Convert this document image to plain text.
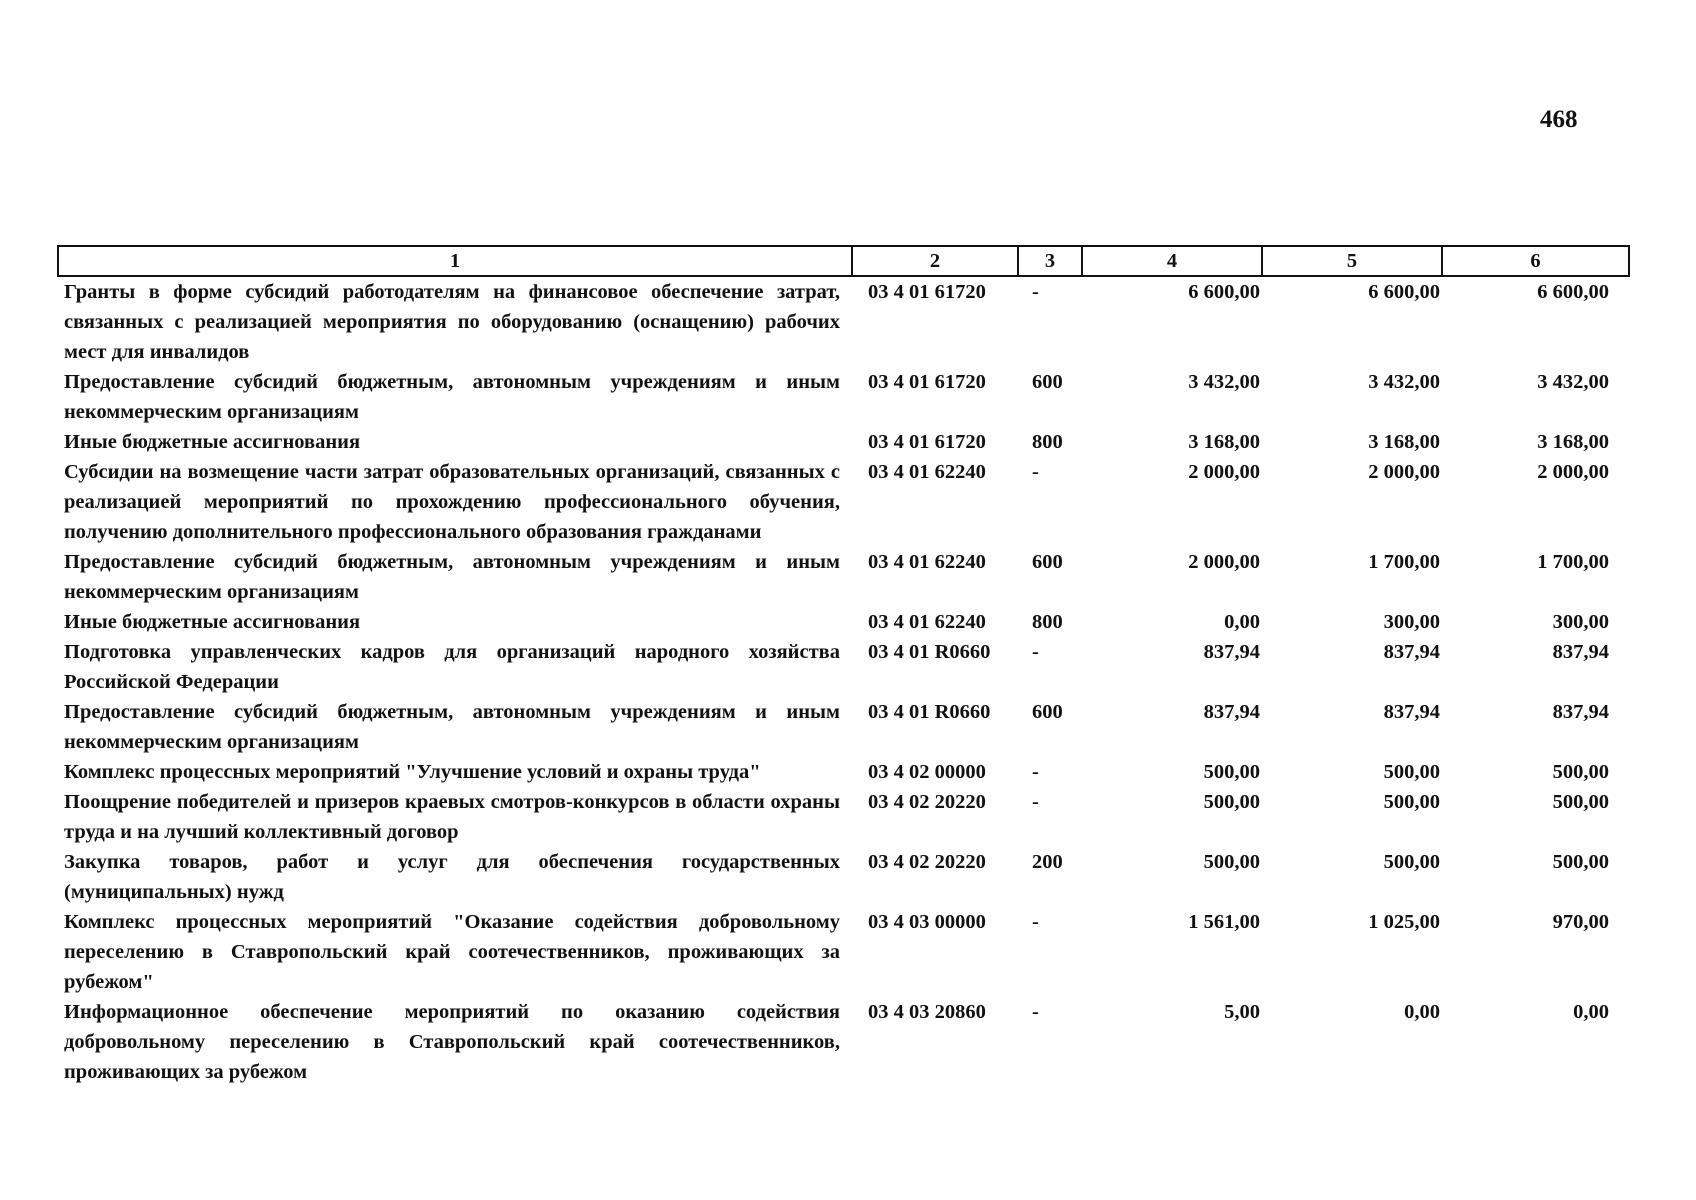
468
1	2	3	4	5	6
Гранты в форме субсидий работодателям на финансовое обеспечение затрат, связанных с реализацией мероприятия по оборудованию (оснащению) рабочих мест для инвалидов	03 4 01 61720	-	6 600,00	6 600,00	6 600,00
Предоставление субсидий бюджетным, автономным учреждениям и иным некоммерческим организациям	03 4 01 61720	600	3 432,00	3 432,00	3 432,00
Иные бюджетные ассигнования	03 4 01 61720	800	3 168,00	3 168,00	3 168,00
Субсидии на возмещение части затрат образовательных организаций, связанных с реализацией мероприятий по прохождению профессионального обучения, получению дополнительного профессионального образования гражданами	03 4 01 62240	-	2 000,00	2 000,00	2 000,00
Предоставление субсидий бюджетным, автономным учреждениям и иным некоммерческим организациям	03 4 01 62240	600	2 000,00	1 700,00	1 700,00
Иные бюджетные ассигнования	03 4 01 62240	800	0,00	300,00	300,00
Подготовка управленческих кадров для организаций народного хозяйства Российской Федерации	03 4 01 R0660	-	837,94	837,94	837,94
Предоставление субсидий бюджетным, автономным учреждениям и иным некоммерческим организациям	03 4 01 R0660	600	837,94	837,94	837,94
Комплекс процессных мероприятий "Улучшение условий и охраны труда"	03 4 02 00000	-	500,00	500,00	500,00
Поощрение победителей и призеров краевых смотров-конкурсов в области охраны труда и на лучший коллективный договор	03 4 02 20220	-	500,00	500,00	500,00
Закупка товаров, работ и услуг для обеспечения государственных (муниципальных) нужд	03 4 02 20220	200	500,00	500,00	500,00
Комплекс процессных мероприятий "Оказание содействия добровольному переселению в Ставропольский край соотечественников, проживающих за рубежом"	03 4 03 00000	-	1 561,00	1 025,00	970,00
Информационное обеспечение мероприятий по оказанию содействия добровольному переселению в Ставропольский край соотечественников, проживающих за рубежом	03 4 03 20860	-	5,00	0,00	0,00
